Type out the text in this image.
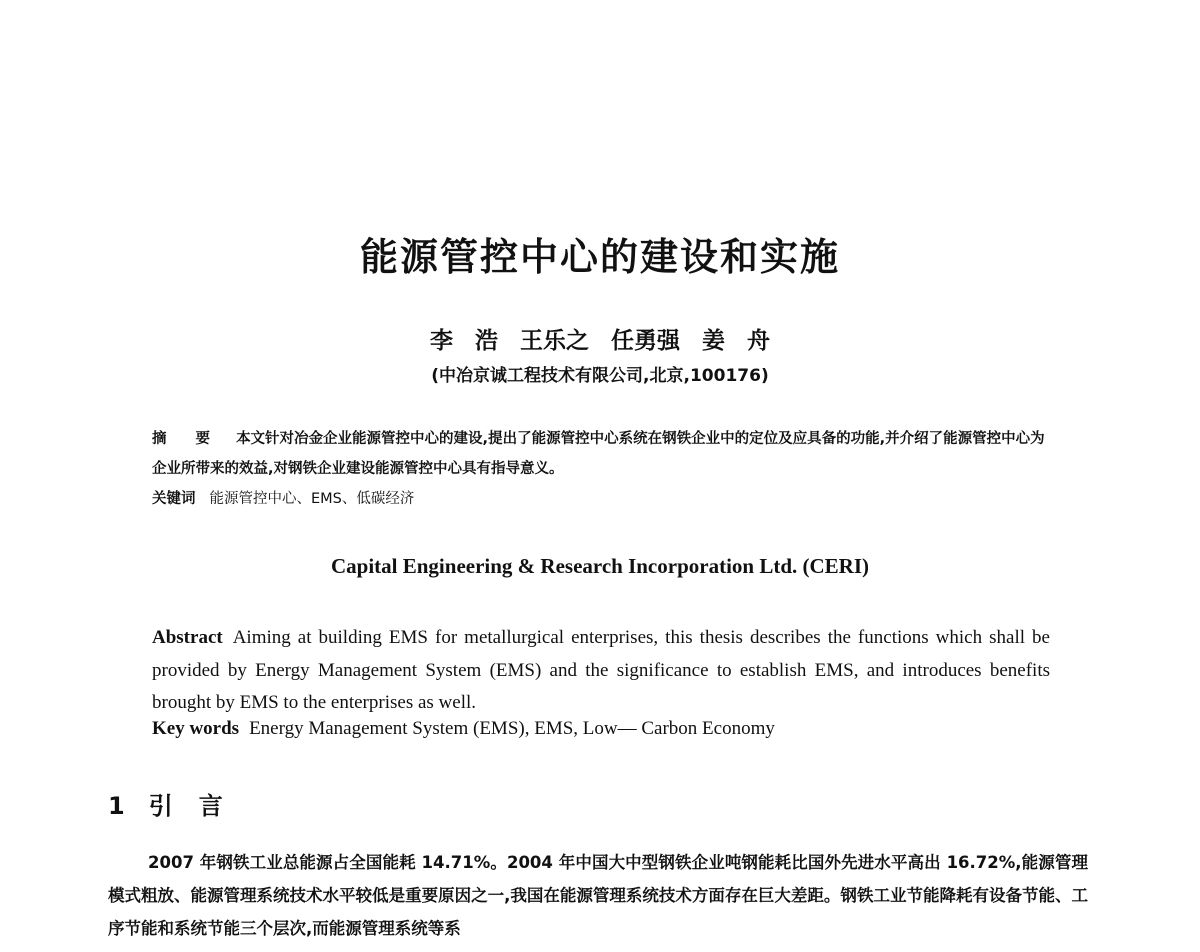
能源管控中心的建设和实施
李 浩 王乐之 任勇强 姜 舟
(中冶京诚工程技术有限公司,北京,100176)
摘 要 本文针对冶金企业能源管控中心的建设,提出了能源管控中心系统在钢铁企业中的定位及应具备的功能,并介绍了能源管控中心为企业所带来的效益,对钢铁企业建设能源管控中心具有指导意义。
关键词 能源管控中心、EMS、低碳经济
Capital Engineering & Research Incorporation Ltd. (CERI)
Abstract Aiming at building EMS for metallurgical enterprises, this thesis describes the functions which shall be provided by Energy Management System (EMS) and the significance to establish EMS, and introduces benefits brought by EMS to the enterprises as well.
Key words Energy Management System (EMS), EMS, Low— Carbon Economy
1 引言
2007 年钢铁工业总能源占全国能耗 14.71%。2004 年中国大中型钢铁企业吨钢能耗比国外先进水平高出 16.72%,能源管理模式粗放、能源管理系统技术水平较低是重要原因之一,我国在能源管理系统技术方面存在巨大差距。钢铁工业节能降耗有设备节能、工序节能和系统节能三个层次,而能源管理系统等系
